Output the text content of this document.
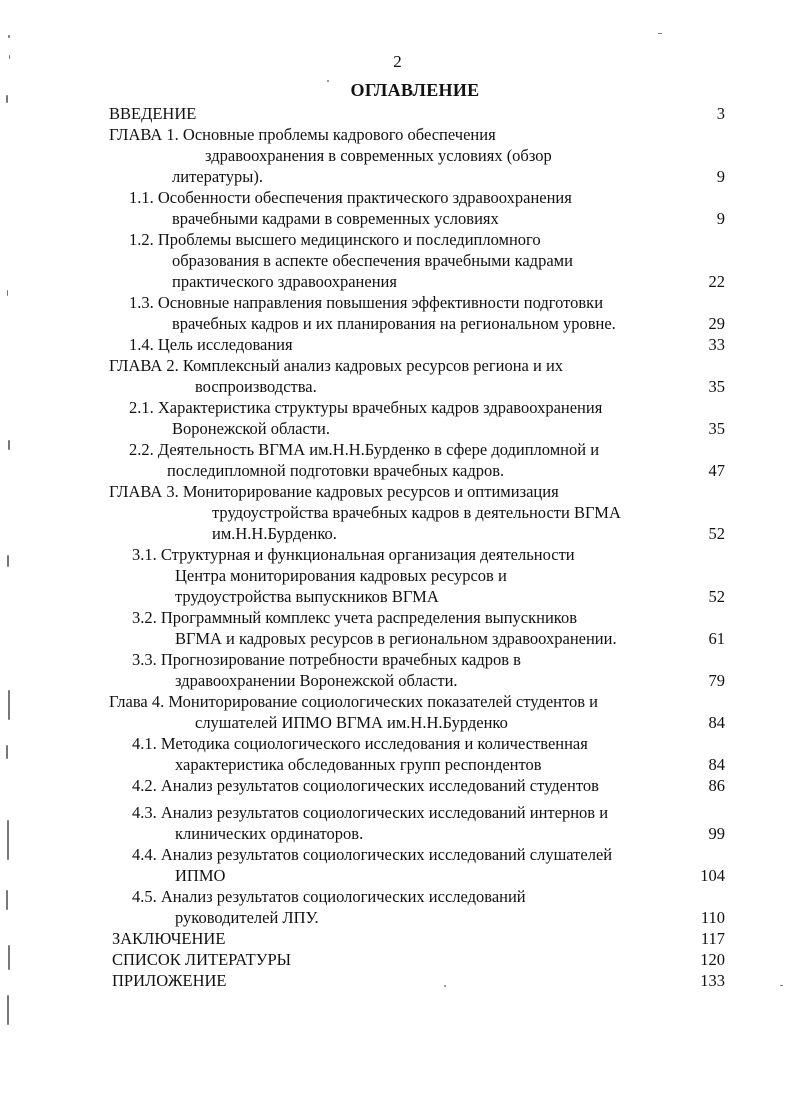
2
ОГЛАВЛЕНИЕ
ВВЕДЕНИЕ	3
ГЛАВА 1. Основные проблемы кадрового обеспечения
здравоохранения в современных условиях (обзор
литературы).	9
1.1. Особенности обеспечения практического здравоохранения
врачебными кадрами в современных условиях	9
1.2. Проблемы высшего медицинского и последипломного
образования в аспекте обеспечения врачебными кадрами
практического здравоохранения	22
1.3. Основные направления повышения эффективности подготовки
врачебных кадров и их планирования на региональном уровне.	29
1.4. Цель исследования	33
ГЛАВА 2. Комплексный анализ кадровых ресурсов региона и их
воспроизводства.	35
2.1. Характеристика структуры врачебных кадров здравоохранения
Воронежской области.	35
2.2. Деятельность ВГМА им.Н.Н.Бурденко в сфере додипломной и
последипломной подготовки врачебных кадров.	47
ГЛАВА 3. Мониторирование кадровых ресурсов и оптимизация
трудоустройства врачебных кадров в деятельности ВГМА
им.Н.Н.Бурденко.	52
3.1. Структурная и функциональная организация деятельности
Центра мониторирования кадровых ресурсов и
трудоустройства выпускников ВГМА	52
3.2. Программный комплекс учета распределения выпускников
ВГМА и кадровых ресурсов в региональном здравоохранении.	61
3.3. Прогнозирование потребности врачебных кадров в
здравоохранении Воронежской области.	79
Глава 4. Мониторирование социологических показателей студентов и
слушателей ИПМО ВГМА им.Н.Н.Бурденко	84
4.1. Методика социологического исследования и количественная
характеристика обследованных групп респондентов	84
4.2. Анализ результатов социологических исследований студентов	86
4.3. Анализ результатов социологических исследований интернов и
клинических ординаторов.	99
4.4. Анализ результатов социологических исследований слушателей
ИПМО	104
4.5. Анализ результатов социологических исследований
руководителей ЛПУ.	110
ЗАКЛЮЧЕНИЕ	117
СПИСОК ЛИТЕРАТУРЫ	120
ПРИЛОЖЕНИЕ	133
